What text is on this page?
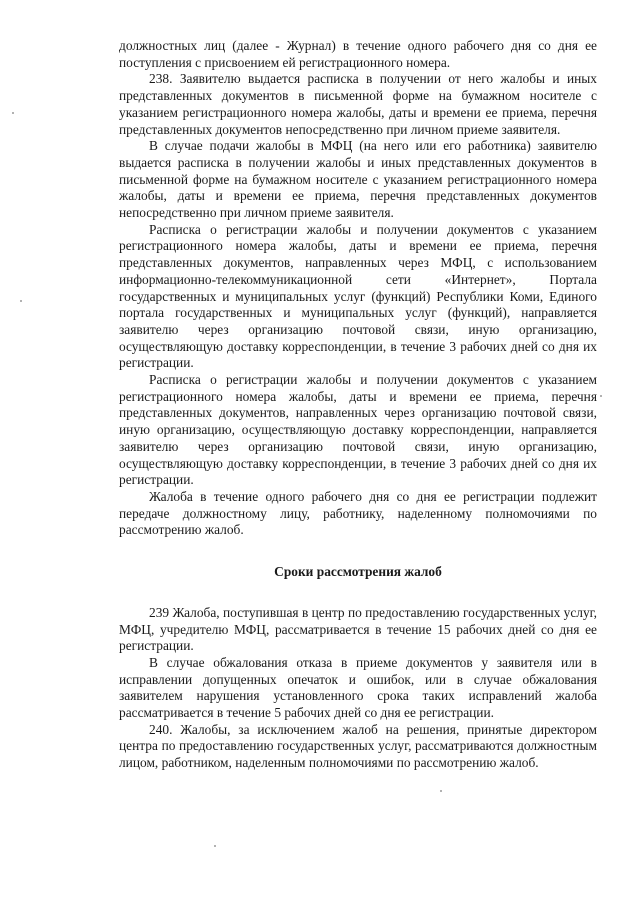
должностных лиц (далее - Журнал) в течение одного рабочего дня со дня ее поступления с присвоением ей регистрационного номера.

238. Заявителю выдается расписка в получении от него жалобы и иных представленных документов в письменной форме на бумажном носителе с указанием регистрационного номера жалобы, даты и времени ее приема, перечня представленных документов непосредственно при личном приеме заявителя.

В случае подачи жалобы в МФЦ (на него или его работника) заявителю выдается расписка в получении жалобы и иных представленных документов в письменной форме на бумажном носителе с указанием регистрационного номера жалобы, даты и времени ее приема, перечня представленных документов непосредственно при личном приеме заявителя.

Расписка о регистрации жалобы и получении документов с указанием регистрационного номера жалобы, даты и времени ее приема, перечня представленных документов, направленных через МФЦ, с использованием информационно-телекоммуникационной сети «Интернет», Портала государственных и муниципальных услуг (функций) Республики Коми, Единого портала государственных и муниципальных услуг (функций), направляется заявителю через организацию почтовой связи, иную организацию, осуществляющую доставку корреспонденции, в течение 3 рабочих дней со дня их регистрации.

Расписка о регистрации жалобы и получении документов с указанием регистрационного номера жалобы, даты и времени ее приема, перечня представленных документов, направленных через организацию почтовой связи, иную организацию, осуществляющую доставку корреспонденции, направляется заявителю через организацию почтовой связи, иную организацию, осуществляющую доставку корреспонденции, в течение 3 рабочих дней со дня их регистрации.

Жалоба в течение одного рабочего дня со дня ее регистрации подлежит передаче должностному лицу, работнику, наделенному полномочиями по рассмотрению жалоб.

Сроки рассмотрения жалоб

239 Жалоба, поступившая в центр по предоставлению государственных услуг, МФЦ, учредителю МФЦ, рассматривается в течение 15 рабочих дней со дня ее регистрации.

В случае обжалования отказа в приеме документов у заявителя или в исправлении допущенных опечаток и ошибок, или в случае обжалования заявителем нарушения установленного срока таких исправлений жалоба рассматривается в течение 5 рабочих дней со дня ее регистрации.

240. Жалобы, за исключением жалоб на решения, принятые директором центра по предоставлению государственных услуг, рассматриваются должностным лицом, работником, наделенным полномочиями по рассмотрению жалоб.
